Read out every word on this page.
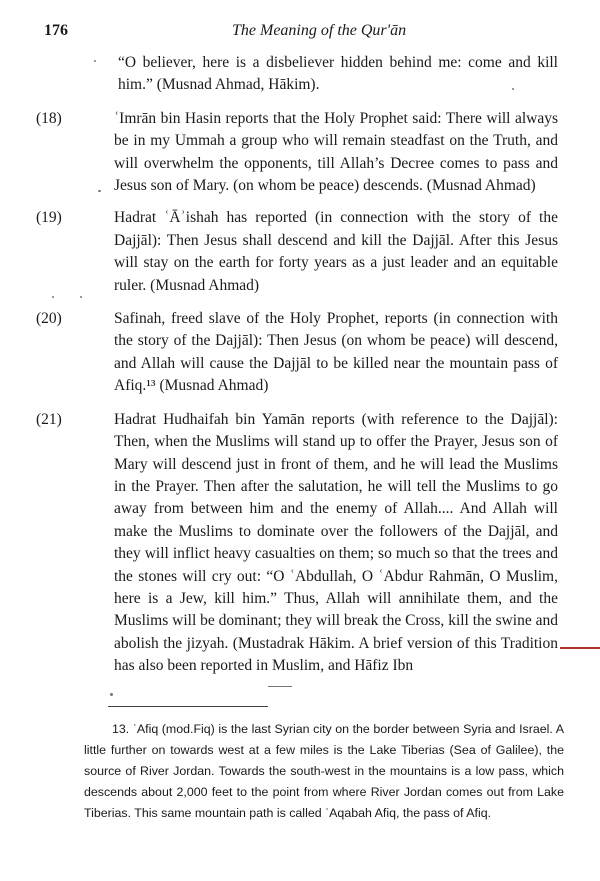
176	The Meaning of the Qur'ān
“O believer, here is a disbeliever hidden behind me: come and kill him.” (Musnad Ahmad, Hākim).
(18)	ʿImrān bin Hasin reports that the Holy Prophet said: There will always be in my Ummah a group who will remain steadfast on the Truth, and will overwhelm the opponents, till Allah’s Decree comes to pass and Jesus son of Mary. (on whom be peace) descends. (Musnad Ahmad)
(19)	Hadrat ʿĀʾishah has reported (in connection with the story of the Dajjāl): Then Jesus shall descend and kill the Dajjāl. After this Jesus will stay on the earth for forty years as a just leader and an equitable ruler. (Musnad Ahmad)
(20)	Safinah, freed slave of the Holy Prophet, reports (in connection with the story of the Dajjāl): Then Jesus (on whom be peace) will descend, and Allah will cause the Dajjāl to be killed near the mountain pass of Afiq.¹³ (Musnad Ahmad)
(21)	Hadrat Hudhaifah bin Yamān reports (with reference to the Dajjāl): Then, when the Muslims will stand up to offer the Prayer, Jesus son of Mary will descend just in front of them, and he will lead the Muslims in the Prayer. Then after the salutation, he will tell the Muslims to go away from between him and the enemy of Allah.... And Allah will make the Muslims to dominate over the followers of the Dajjāl, and they will inflict heavy casualties on them; so much so that the trees and the stones will cry out: “O ʿAbdullah, O ʿAbdur Rahmān, O Muslim, here is a Jew, kill him.” Thus, Allah will annihilate them, and the Muslims will be dominant; they will break the Cross, kill the swine and abolish the jizyah. (Mustadrak Hākim. A brief version of this Tradition has also been reported in Muslim, and Hāfiz Ibn
13. ʿAfiq (mod.Fiq) is the last Syrian city on the border between Syria and Israel. A little further on towards west at a few miles is the Lake Tiberias (Sea of Galilee), the source of River Jordan. Towards the south-west in the mountains is a low pass, which descends about 2,000 feet to the point from where River Jordan comes out from Lake Tiberias. This same mountain path is called ʿAqabah Afiq, the pass of Afiq.
